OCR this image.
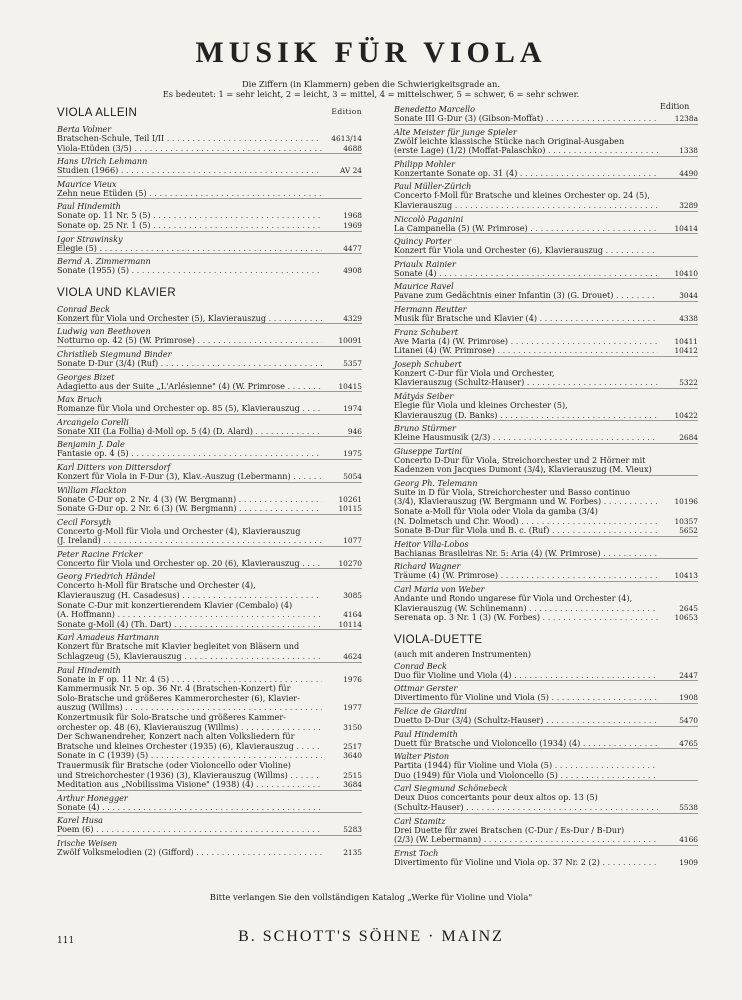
MUSIK FÜR VIOLA
Die Ziffern (in Klammern) geben die Schwierigkeitsgrade an.
Es bedeutet: 1 = sehr leicht, 2 = leicht, 3 = mittel, 4 = mittelschwer, 5 = schwer, 6 = sehr schwer.
Edition
VIOLA ALLEIN	Edition
Berta Volmer
Bratschen-Schule, Teil I/II . . .	4613/14
Viola-Etüden (3/5) . . .	4688
Hans Ulrich Lehmann
Studien (1966) . . .	AV 24
Maurice Vieux
Zehn neue Etüden (5) . . .
Paul Hindemith
Sonate op. 11 Nr. 5 (5) . . .	1968
Sonate op. 25 Nr. 1 (5) . . .	1969
Igor Strawinsky
Elegie (5) . . .	4477
Bernd A. Zimmermann
Sonate (1955) (5) . . .	4908
VIOLA UND KLAVIER
Conrad Beck
Konzert für Viola und Orchester (5), Klavierauszug . . .	4329
Ludwig van Beethoven
Notturno op. 42 (5) (W. Primrose) . . .	10091
Christlieb Siegmund Binder
Sonate D-Dur (3/4) (Ruf) . . .	5357
Georges Bizet
Adagietto aus der Suite „L'Arlésienne" (4) (W. Primrose . . .	10415
Max Bruch
Romanze für Viola und Orchester op. 85 (5), Klavierauszug . . .	1974
Arcangelo Corelli
Sonate XII (La Follia) d-Moll op. 5 (4) (D. Alard) . . .	946
Benjamin J. Dale
Fantasie op. 4 (5) . . .	1975
Karl Ditters von Dittersdorf
Konzert für Viola in F-Dur (3), Klav.-Auszug (Lebermann) . . .	5054
William Flackton
Sonate C-Dur op. 2 Nr. 4 (3) (W. Bergmann) . . .	10261
Sonate G-Dur op. 2 Nr. 6 (3) (W. Bergmann) . . .	10115
Cecil Forsyth
Concerto g-Moll für Viola und Orchester (4), Klavierauszug
(J. Ireland) . . .	1077
Peter Racine Fricker
Concerto für Viola und Orchester op. 20 (6), Klavierauszug . . .	10270
Georg Friedrich Händel
Concerto h-Moll für Bratsche und Orchester (4),
Klavierauszug (H. Casadesus) . . .	3085
Sonate C-Dur mit konzertierendem Klavier (Cembalo) (4)
(A. Hoffmann) . . .	4164
Sonate g-Moll (4) (Th. Dart) . . .	10114
Karl Amadeus Hartmann
Konzert für Bratsche mit Klavier begleitet von Bläsern und
Schlagzeug (5), Klavierauszug . . .	4624
Paul Hindemith
Sonate in F op. 11 Nr. 4 (5) . . .	1976
Kammermusik Nr. 5 op. 36 Nr. 4 (Bratschen-Konzert) für
Solo-Bratsche und größeres Kammerorchester (6), Klavier-
auszug (Willms) . . .	1977
Konzertmusik für Solo-Bratsche und größeres Kammer-
orchester op. 48 (6), Klavierauszug (Willms) . . .	3150
Der Schwanendreher, Konzert nach alten Volksliedern für
Bratsche und kleines Orchester (1935) (6), Klavierauszug . . .	2517
Sonate in C (1939) (5) . . .	3640
Trauermusik für Bratsche (oder Violoncello oder Violine)
und Streichorchester (1936) (3), Klavierauszug (Willms) . . .	2515
Meditation aus „Nobilissima Visione" (1938) (4) . . .	3684
Arthur Honegger
Sonate (4) . . .
Karel Husa
Poem (6) . . .	5283
Irische Weisen
Zwölf Volksmelodien (2) (Gifford) . . .	2135
Benedetto Marcello
Sonate III G-Dur (3) (Gibson-Moffat) . . .	1238a
Alte Meister für junge Spieler
Zwölf leichte klassische Stücke nach Original-Ausgaben
(erste Lage) (1/2) (Moffat-Palaschko) . . .	1338
Philipp Mohler
Konzertante Sonate op. 31 (4) . . .	4490
Paul Müller-Zürich
Concerto f-Moll für Bratsche und kleines Orchester op. 24 (5),
Klavierauszug . . .	3289
Niccolò Paganini
La Campanella (5) (W. Primrose) . . .	10414
Quincy Porter
Konzert für Viola und Orchester (6), Klavierauszug . . .
Priaulx Rainier
Sonate (4) . . .	10410
Maurice Ravel
Pavane zum Gedächtnis einer Infantin (3) (G. Drouet) . . .	3044
Hermann Reutter
Musik für Bratsche und Klavier (4) . . .	4338
Franz Schubert
Ave Maria (4) (W. Primrose) . . .	10411
Litanei (4) (W. Primrose) . . .	10412
Joseph Schubert
Konzert C-Dur für Viola und Orchester,
Klavierauszug (Schultz-Hauser) . . .	5322
Mátyás Seiber
Elegie für Viola und kleines Orchester (5),
Klavierauszug (D. Banks) . . .	10422
Bruno Stürmer
Kleine Hausmusik (2/3) . . .	2684
Giuseppe Tartini
Concerto D-Dur für Viola, Streichorchester und 2 Hörner mit
Kadenzen von Jacques Dumont (3/4), Klavierauszug (M. Vieux)
Georg Ph. Telemann
Suite in D für Viola, Streichorchester und Basso continuo
(3/4), Klavierauszug (W. Bergmann und W. Forbes) . . .	10196
Sonate a-Moll für Viola oder Viola da gamba (3/4)
(N. Dolmetsch und Chr. Wood) . . .	10357
Sonate B-Dur für Viola und B. c. (Ruf) . . .	5652
Heitor Villa-Lobos
Bachianas Brasileiras Nr. 5: Aria (4) (W. Primrose) . . .
Richard Wagner
Träume (4) (W. Primrose) . . .	10413
Carl Maria von Weber
Andante und Rondo ungarese für Viola und Orchester (4),
Klavierauszug (W. Schünemann) . . .	2645
Serenata op. 3 Nr. 1 (3) (W. Forbes) . . .	10653
VIOLA-DUETTE
(auch mit anderen Instrumenten)
Conrad Beck
Duo für Violine und Viola (4) . . .	2447
Ottmar Gerster
Divertimento für Violine und Viola (5) . . .	1908
Felice de Giardini
Duetto D-Dur (3/4) (Schultz-Hauser) . . .	5470
Paul Hindemith
Duett für Bratsche und Violoncello (1934) (4) . . .	4765
Walter Piston
Partita (1944) für Violine und Viola (5) . . .
Duo (1949) für Viola und Violoncello (5) . . .
Carl Siegmund Schönebeck
Deux Duos concertants pour deux altos op. 13 (5)
(Schultz-Hauser) . . .	5538
Carl Stamitz
Drei Duette für zwei Bratschen (C-Dur / Es-Dur / B-Dur)
(2/3) (W. Lebermann) . . .	4166
Ernst Toch
Divertimento für Violine und Viola op. 37 Nr. 2 (2) . . .	1909
Bitte verlangen Sie den vollständigen Katalog „Werke für Violine und Viola"
111	B. SCHOTT'S SÖHNE · MAINZ
